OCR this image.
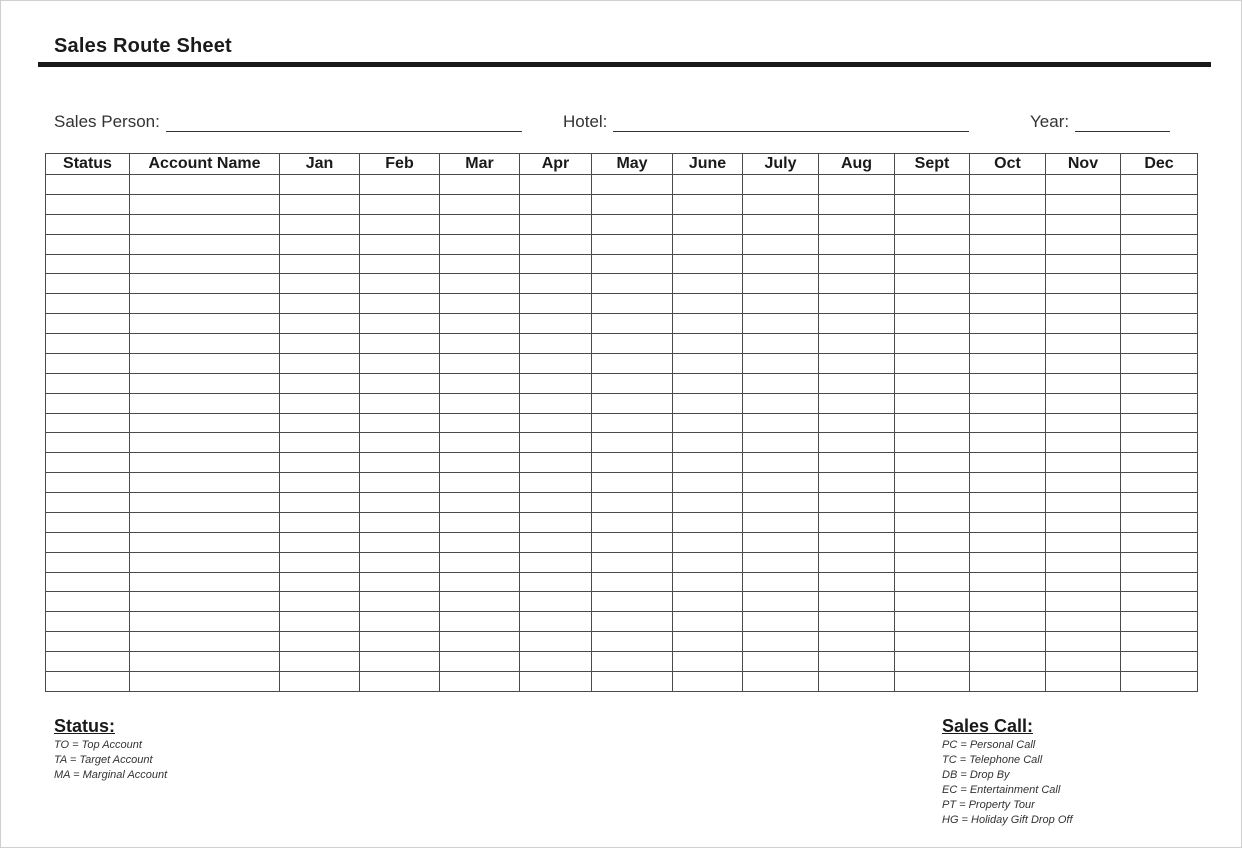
Sales Route Sheet
Sales Person:	Hotel:	Year:
Status	Account Name	Jan	Feb	Mar	Apr	May	June	July	Aug	Sept	Oct	Nov	Dec

Status:
TO = Top Account
TA = Target Account
MA = Marginal Account
Sales Call:
PC = Personal Call
TC = Telephone Call
DB = Drop By
EC = Entertainment Call
PT = Property Tour
HG = Holiday Gift Drop Off
